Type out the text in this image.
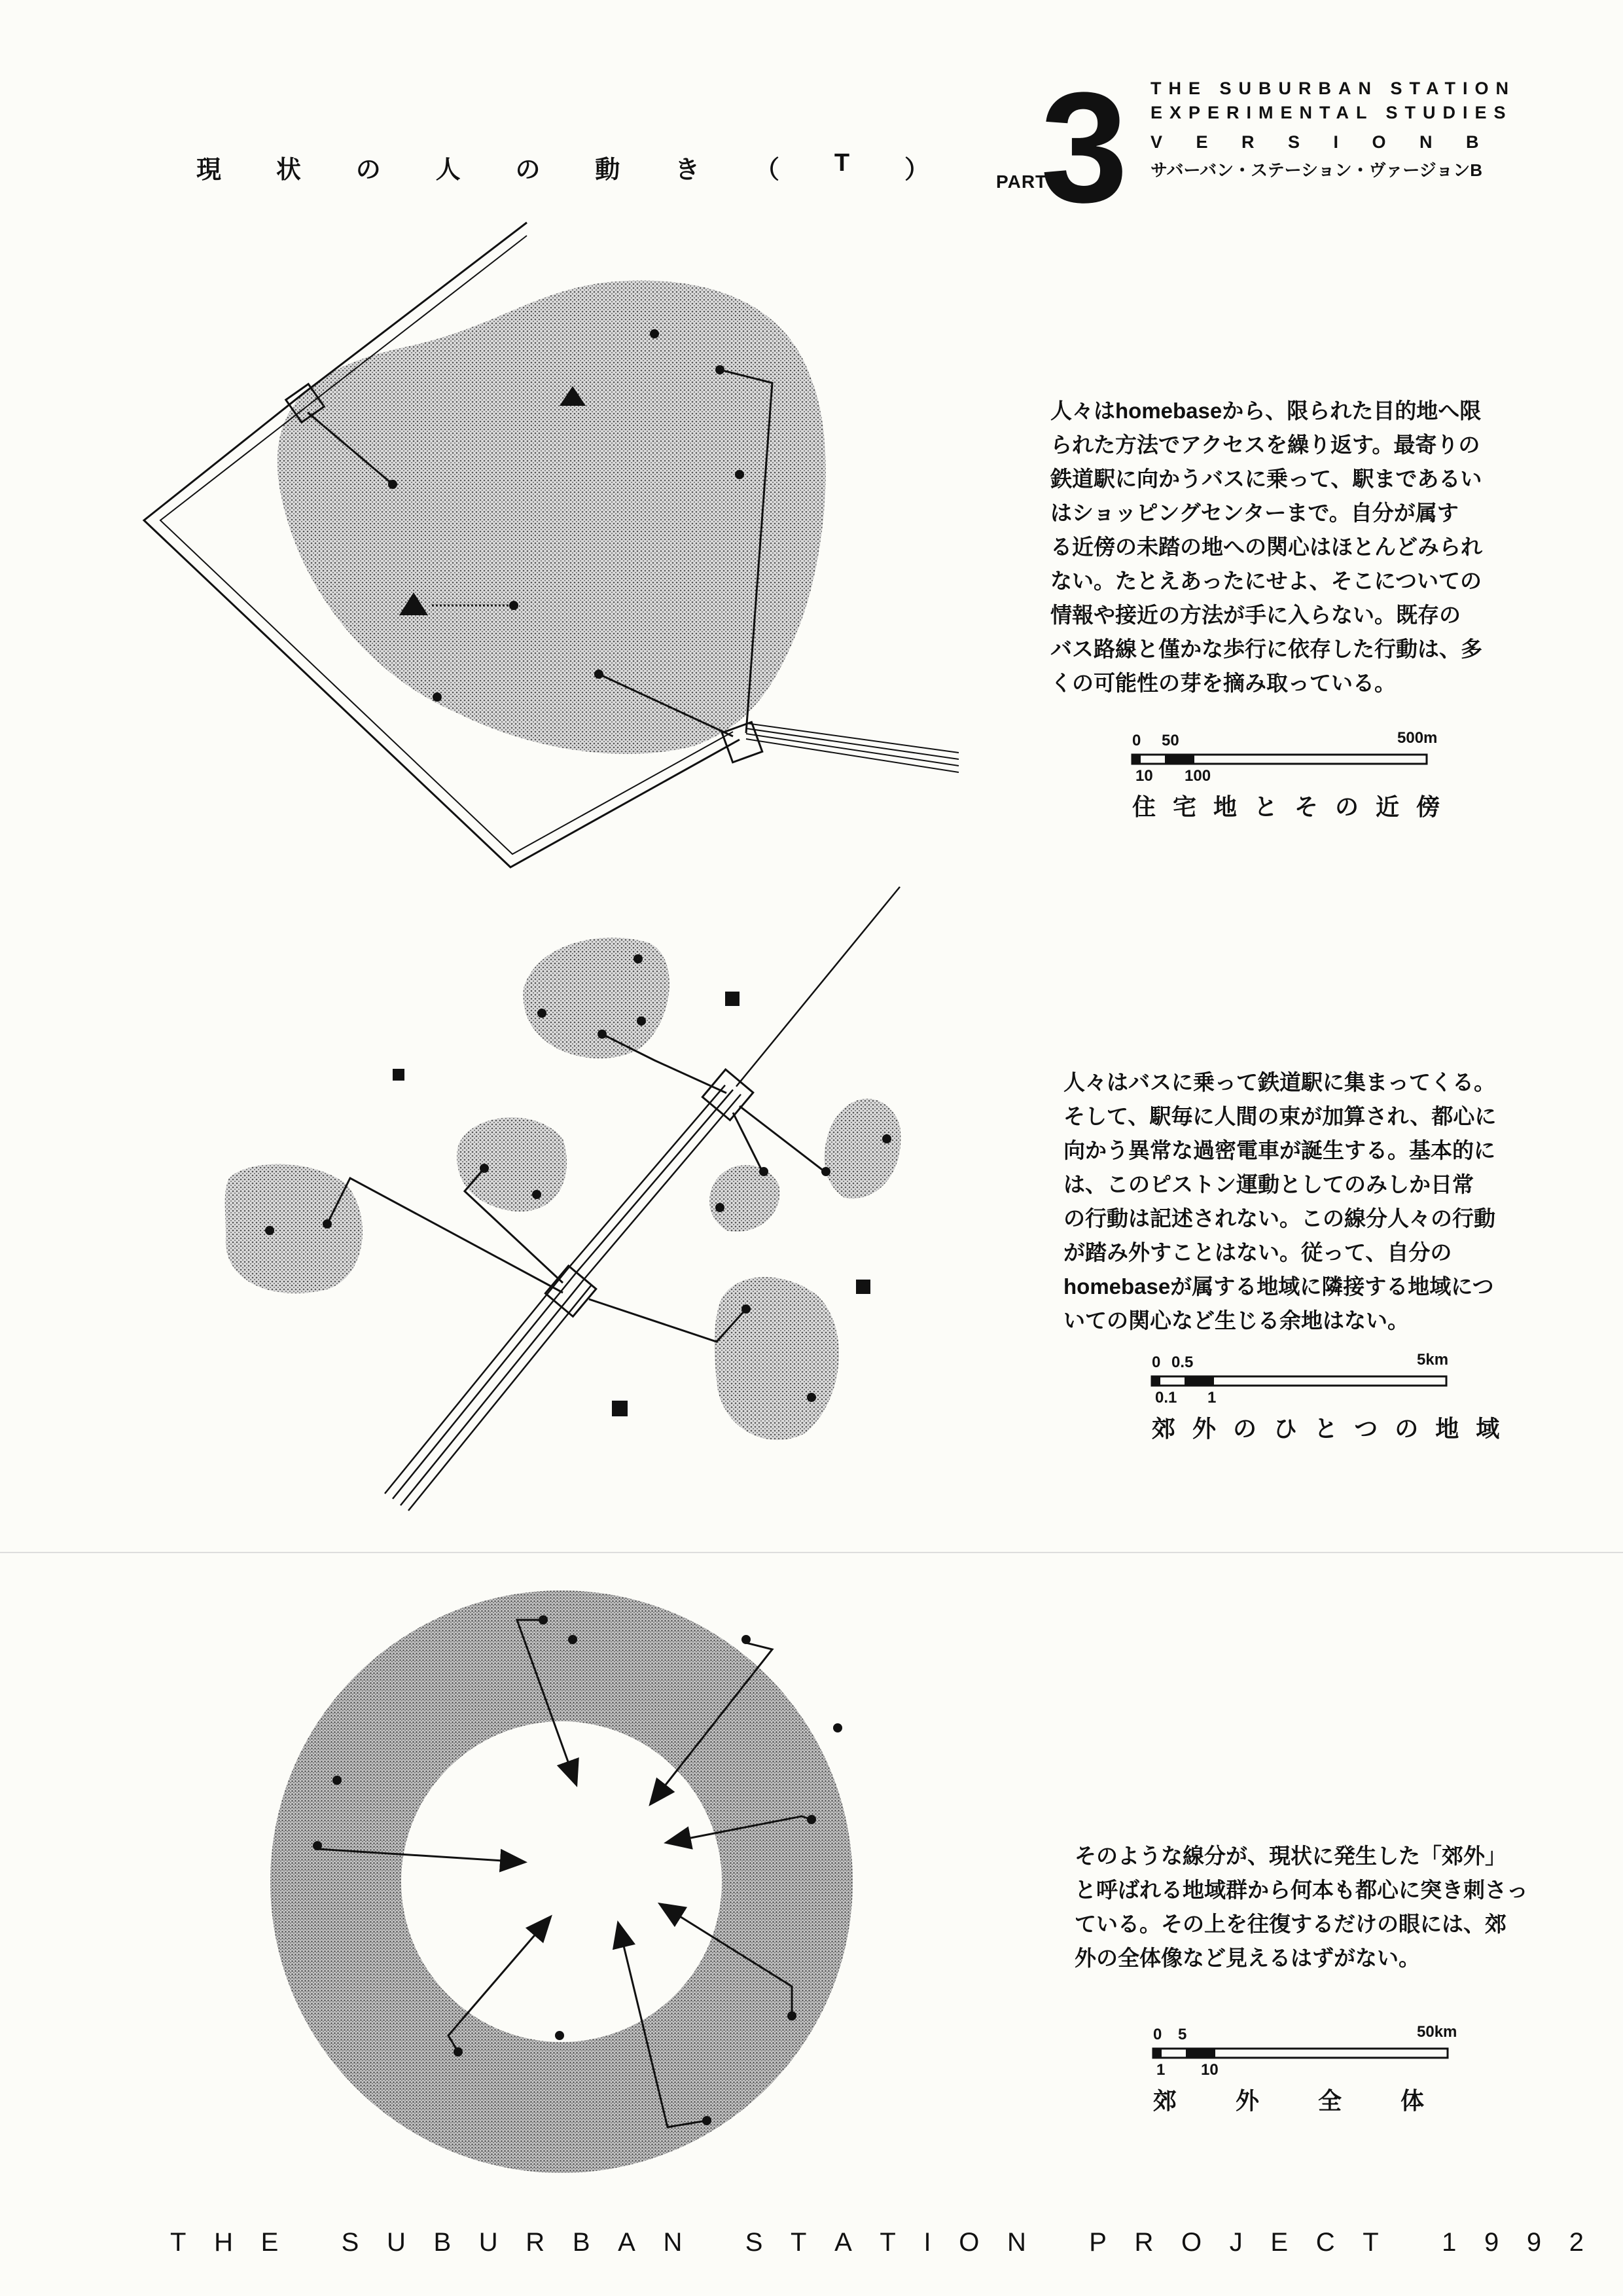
現 状 の 人 の 動 き （ T ）	PART
3 THE SUBURBAN STATION
EXPERIMENTAL STUDIES
V E R S I O N B
サバーバン・ステーション・ヴァージョンB
人々はhomebaseから、限られた目的地へ限
られた方法でアクセスを繰り返す。最寄りの
鉄道駅に向かうバスに乗って、駅まであるい
はショッピングセンターまで。自分が属す
る近傍の未踏の地への関心はほとんどみられ
ない。たとえあったにせよ、そこについての
情報や接近の方法が手に入らない。既存の
バス路線と僅かな歩行に依存した行動は、多
くの可能性の芽を摘み取っている。
0 50	500m
10 100
住宅地とその近傍
人々はバスに乗って鉄道駅に集まってくる。
そして、駅毎に人間の束が加算され、都心に
向かう異常な過密電車が誕生する。基本的に
は、このピストン運動としてのみしか日常
の行動は記述されない。この線分人々の行動
が踏み外すことはない。従って、自分の
homebaseが属する地域に隣接する地域につ
いての関心など生じる余地はない。
0 0.5	5km
0.1 1
郊外のひとつの地域
そのような線分が、現状に発生した「郊外」
と呼ばれる地域群から何本も都心に突き刺さっ
ている。その上を往復するだけの眼には、郊
外の全体像など見えるはずがない。
0 5	50km
1 10
郊外全体
T H E
S U B U R B A N
S T A T I O N
P R O J E C T
1 9 9 2
